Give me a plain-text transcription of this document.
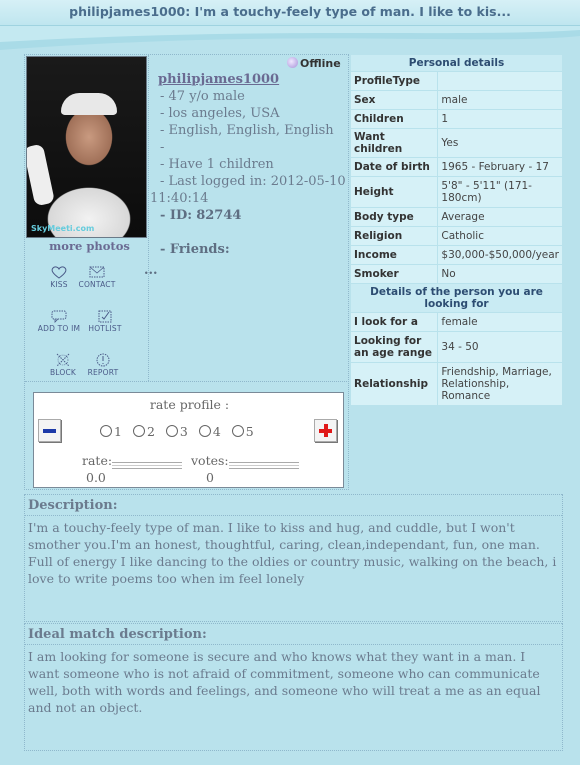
philipjames1000: I'm a touchy-feely type of man. I like to kis...
SkyMeeti.com
more photos
KISS	CONTACT
ADD TO IM	HOTLIST
BLOCK	REPORT
Offline
philipjames1000
- 47 y/o male
- los angeles, USA
- English, English, English
-
- Have 1 children
- Last logged in: 2012-05-10
11:40:14
- ID: 82744
- Friends:
...
rate profile :
1 2 3 4 5
rate:
0.0
votes:
0
Personal details	
ProfileType	
Sex	male
Children	1
Want children	Yes
Date of birth	1965 - February - 17
Height	5'8" - 5'11" (171-180cm)
Body type	Average
Religion	Catholic
Income	$30,000-$50,000/year
Smoker	No
Details of the person you are looking for	
I look for a	female
Looking for an age range	34 - 50
Relationship	Friendship, Marriage, Relationship, Romance
Description:
I'm a touchy-feely type of man. I like to kiss and hug, and cuddle, but I won't smother you.I'm an honest, thoughtful, caring, clean,independant, fun, one man. Full of energy I like dancing to the oldies or country music, walking on the beach, i love to write poems too when im feel lonely
Ideal match description:
I am looking for someone is secure and who knows what they want in a man. I want someone who is not afraid of commitment, someone who can communicate well, both with words and feelings, and someone who will treat a me as an equal and not an object.
